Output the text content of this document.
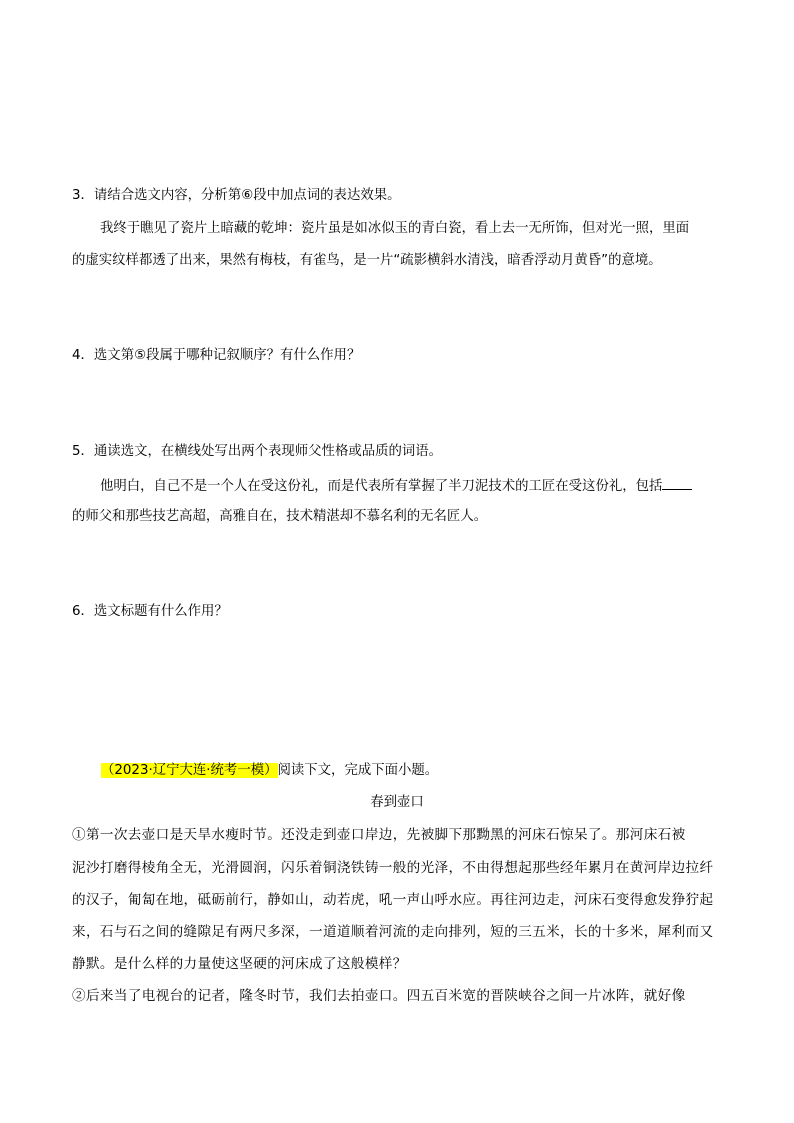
3．请结合选文内容，分析第⑥段中加点词的表达效果。
我终于瞧见了瓷片上暗藏的乾坤：瓷片虽是如冰似玉的青白瓷，看上去一无所饰，但对光一照，里面
的虚实纹样都透了出来，果然有梅枝，有雀鸟，是一片“疏影横斜水清浅，暗香浮动月黄昏”的意境。
4．选文第⑤段属于哪种记叙顺序？有什么作用？
5．通读选文，在横线处写出两个表现师父性格或品质的词语。
他明白，自己不是一个人在受这份礼，而是代表所有掌握了半刀泥技术的工匠在受这份礼，包括
的师父和那些技艺高超，高雅自在，技术精湛却不慕名利的无名匠人。
6．选文标题有什么作用？
（2023·辽宁大连·统考一模）阅读下文，完成下面小题。
春到壶口
①第一次去壶口是天旱水瘦时节。还没走到壶口岸边，先被脚下那黝黑的河床石惊呆了。那河床石被
泥沙打磨得棱角全无，光滑圆润，闪乐着铜浇铁铸一般的光泽，不由得想起那些经年累月在黄河岸边拉纤
的汉子，匍匐在地，砥砺前行，静如山，动若虎，吼一声山呼水应。再往河边走，河床石变得愈发狰狞起
来，石与石之间的缝隙足有两尺多深，一道道顺着河流的走向排列，短的三五米，长的十多米，犀利而又
静默。是什么样的力量使这坚硬的河床成了这般模样？
②后来当了电视台的记者，隆冬时节，我们去拍壶口。四五百米宽的晋陕峡谷之间一片冰阵，就好像
